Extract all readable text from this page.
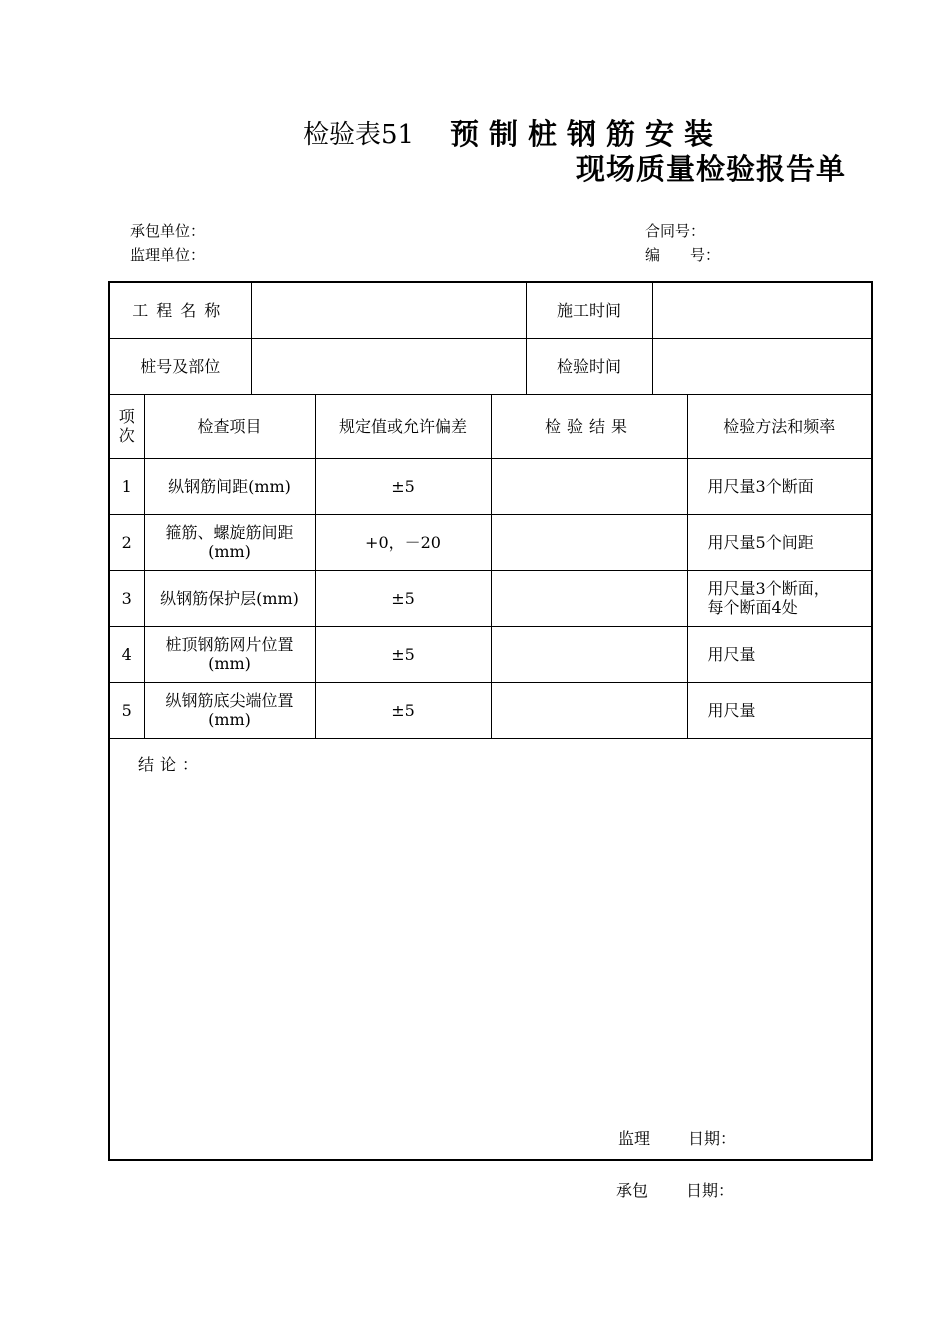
检验表51 预制桩钢筋安装
现场质量检验报告单
承包单位：
监理单位：
合同号：
编　　号：
工程名称					施工时间		
桩号及部位					检验时间		
项次	检查项目		规定值或允许偏差	检验结果			检验方法和频率
1	纵钢筋间距(mm)		±5				用尺量3个断面
2	箍筋、螺旋筋间距(mm)		+0，－20				用尺量5个间距
3	纵钢筋保护层(mm)		±5				用尺量3个断面，每个断面4处
4	桩顶钢筋网片位置(mm)		±5				用尺量
5	纵钢筋底尖端位置(mm)		±5				用尺量

结论：
监理 日期：							
承包 日期：
